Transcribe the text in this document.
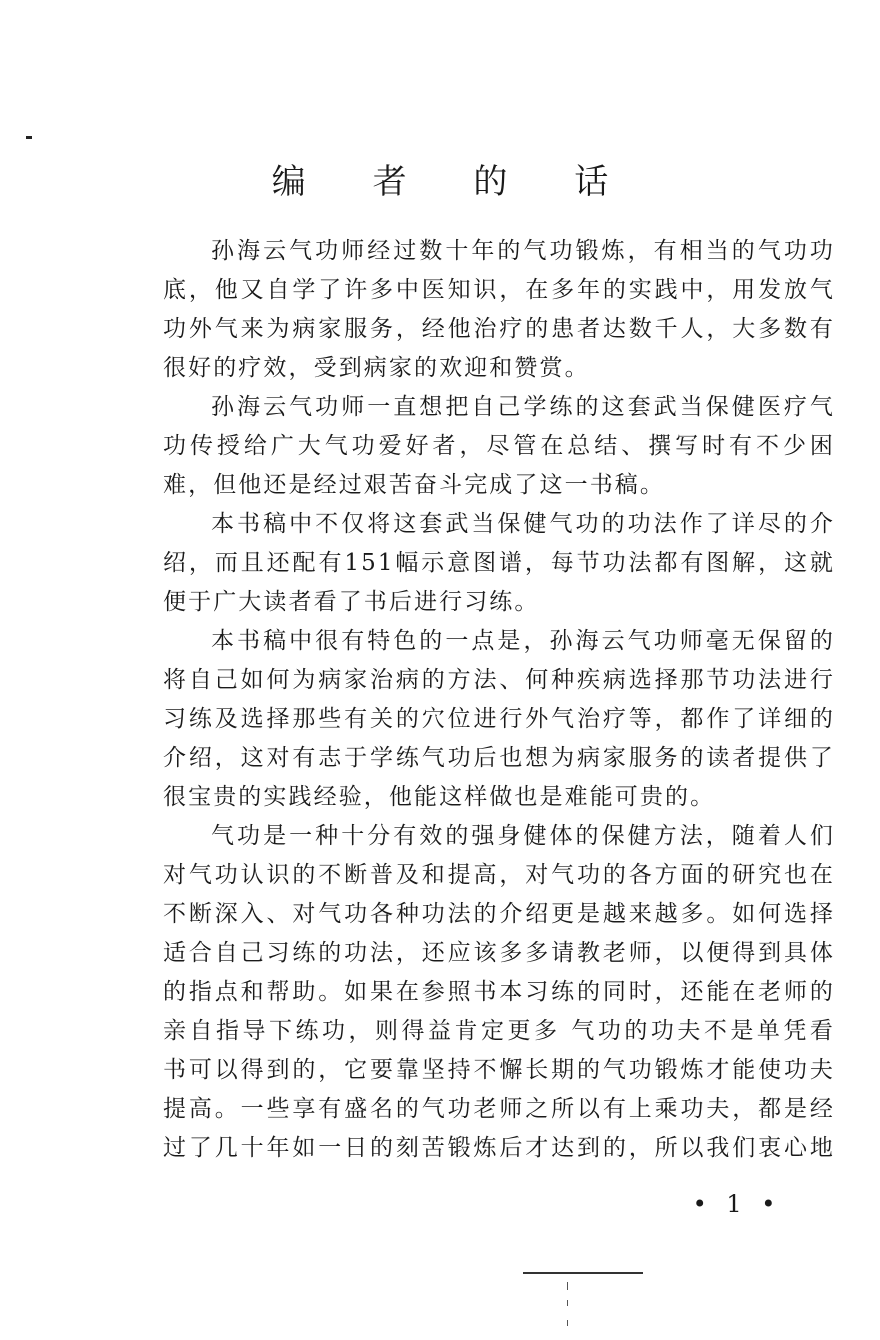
编 者 的 话
孙海云气功师经过数十年的气功锻炼，有相当的气功功
底，他又自学了许多中医知识，在多年的实践中，用发放气
功外气来为病家服务，经他治疗的患者达数千人，大多数有
很好的疗效，受到病家的欢迎和赞赏。
孙海云气功师一直想把自己学练的这套武当保健医疗气
功传授给广大气功爱好者，尽管在总结、撰写时有不少困
难，但他还是经过艰苦奋斗完成了这一书稿。
本书稿中不仅将这套武当保健气功的功法作了详尽的介
绍，而且还配有151幅示意图谱，每节功法都有图解，这就
便于广大读者看了书后进行习练。
本书稿中很有特色的一点是，孙海云气功师毫无保留的
将自己如何为病家治病的方法、何种疾病选择那节功法进行
习练及选择那些有关的穴位进行外气治疗等，都作了详细的
介绍，这对有志于学练气功后也想为病家服务的读者提供了
很宝贵的实践经验，他能这样做也是难能可贵的。
气功是一种十分有效的强身健体的保健方法，随着人们
对气功认识的不断普及和提高，对气功的各方面的研究也在
不断深入、对气功各种功法的介绍更是越来越多。如何选择
适合自己习练的功法，还应该多多请教老师，以便得到具体
的指点和帮助。如果在参照书本习练的同时，还能在老师的
亲自指导下练功，则得益肯定更多 气功的功夫不是单凭看
书可以得到的，它要靠坚持不懈长期的气功锻炼才能使功夫
提高。一些享有盛名的气功老师之所以有上乘功夫，都是经
过了几十年如一日的刻苦锻炼后才达到的，所以我们衷心地
• 1 •
